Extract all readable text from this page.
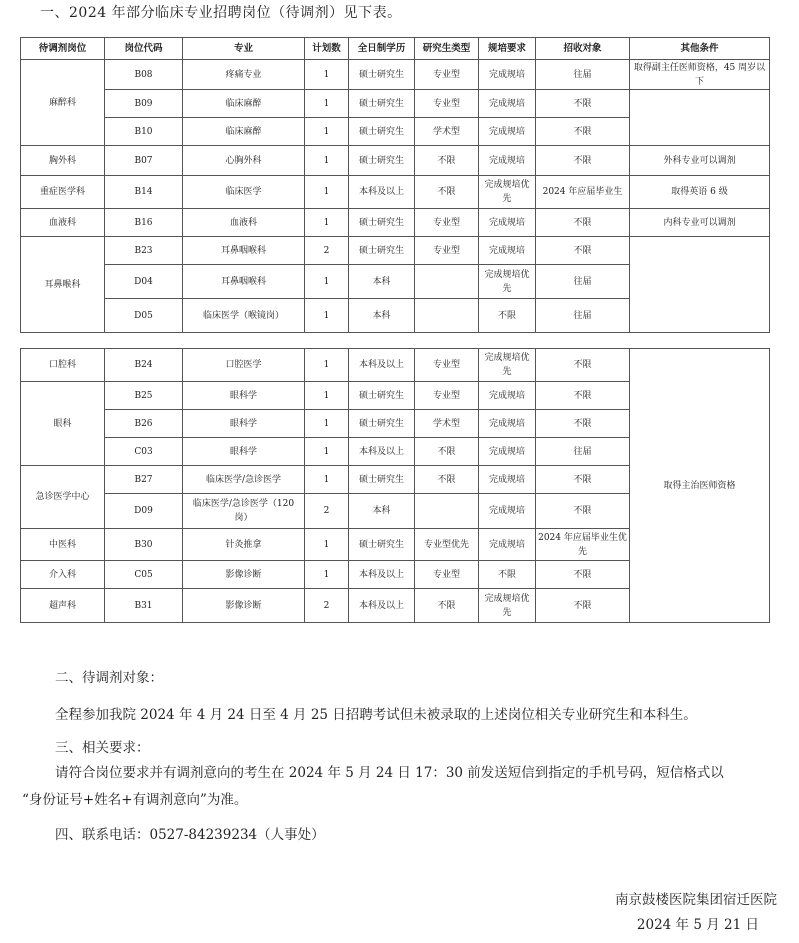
一、2024 年部分临床专业招聘岗位（待调剂）见下表。
待调剂岗位	岗位代码	专业	计划数	全日制学历	研究生类型	规培要求	招收对象	其他条件
麻醉科	B08	疼痛专业	1	硕士研究生	专业型	完成规培	往届	取得副主任医师资格，45 周岁以下
	B09	临床麻醉	1	硕士研究生	专业型	完成规培	不限	
	B10	临床麻醉	1	硕士研究生	学术型	完成规培	不限	
胸外科	B07	心胸外科	1	硕士研究生	不限	完成规培	不限	外科专业可以调剂
重症医学科	B14	临床医学	1	本科及以上	不限	完成规培优先	2024 年应届毕业生	取得英语 6 级
血液科	B16	血液科	1	硕士研究生	专业型	完成规培	不限	内科专业可以调剂
耳鼻喉科	B23	耳鼻咽喉科	2	硕士研究生	专业型	完成规培	不限	
	D04	耳鼻咽喉科	1	本科		完成规培优先	往届	
	D05	临床医学（喉镜岗）	1	本科		不限	往届	
口腔科	B24	口腔医学	1	本科及以上	专业型	完成规培优先	不限	取得主治医师资格
眼科	B25	眼科学	1	硕士研究生	专业型	完成规培	不限	
	B26	眼科学	1	硕士研究生	学术型	完成规培	不限	
	C03	眼科学	1	本科及以上	不限	完成规培	往届	
急诊医学中心	B27	临床医学/急诊医学	1	硕士研究生	不限	完成规培	不限	
	D09	临床医学/急诊医学（120 岗）	2	本科		完成规培	不限	
中医科	B30	针灸推拿	1	硕士研究生	专业型优先	完成规培	2024 年应届毕业生优先	
介入科	C05	影像诊断	1	本科及以上	专业型	不限	不限	
超声科	B31	影像诊断	2	本科及以上	不限	完成规培优先	不限	
二、待调剂对象：
全程参加我院 2024 年 4 月 24 日至 4 月 25 日招聘考试但未被录取的上述岗位相关专业研究生和本科生。
三、相关要求：
请符合岗位要求并有调剂意向的考生在 2024 年 5 月 24 日 17：30 前发送短信到指定的手机号码，短信格式以
“身份证号+姓名+有调剂意向”为准。
四、联系电话：0527-84239234（人事处）
南京鼓楼医院集团宿迁医院
2024 年 5 月 21 日
